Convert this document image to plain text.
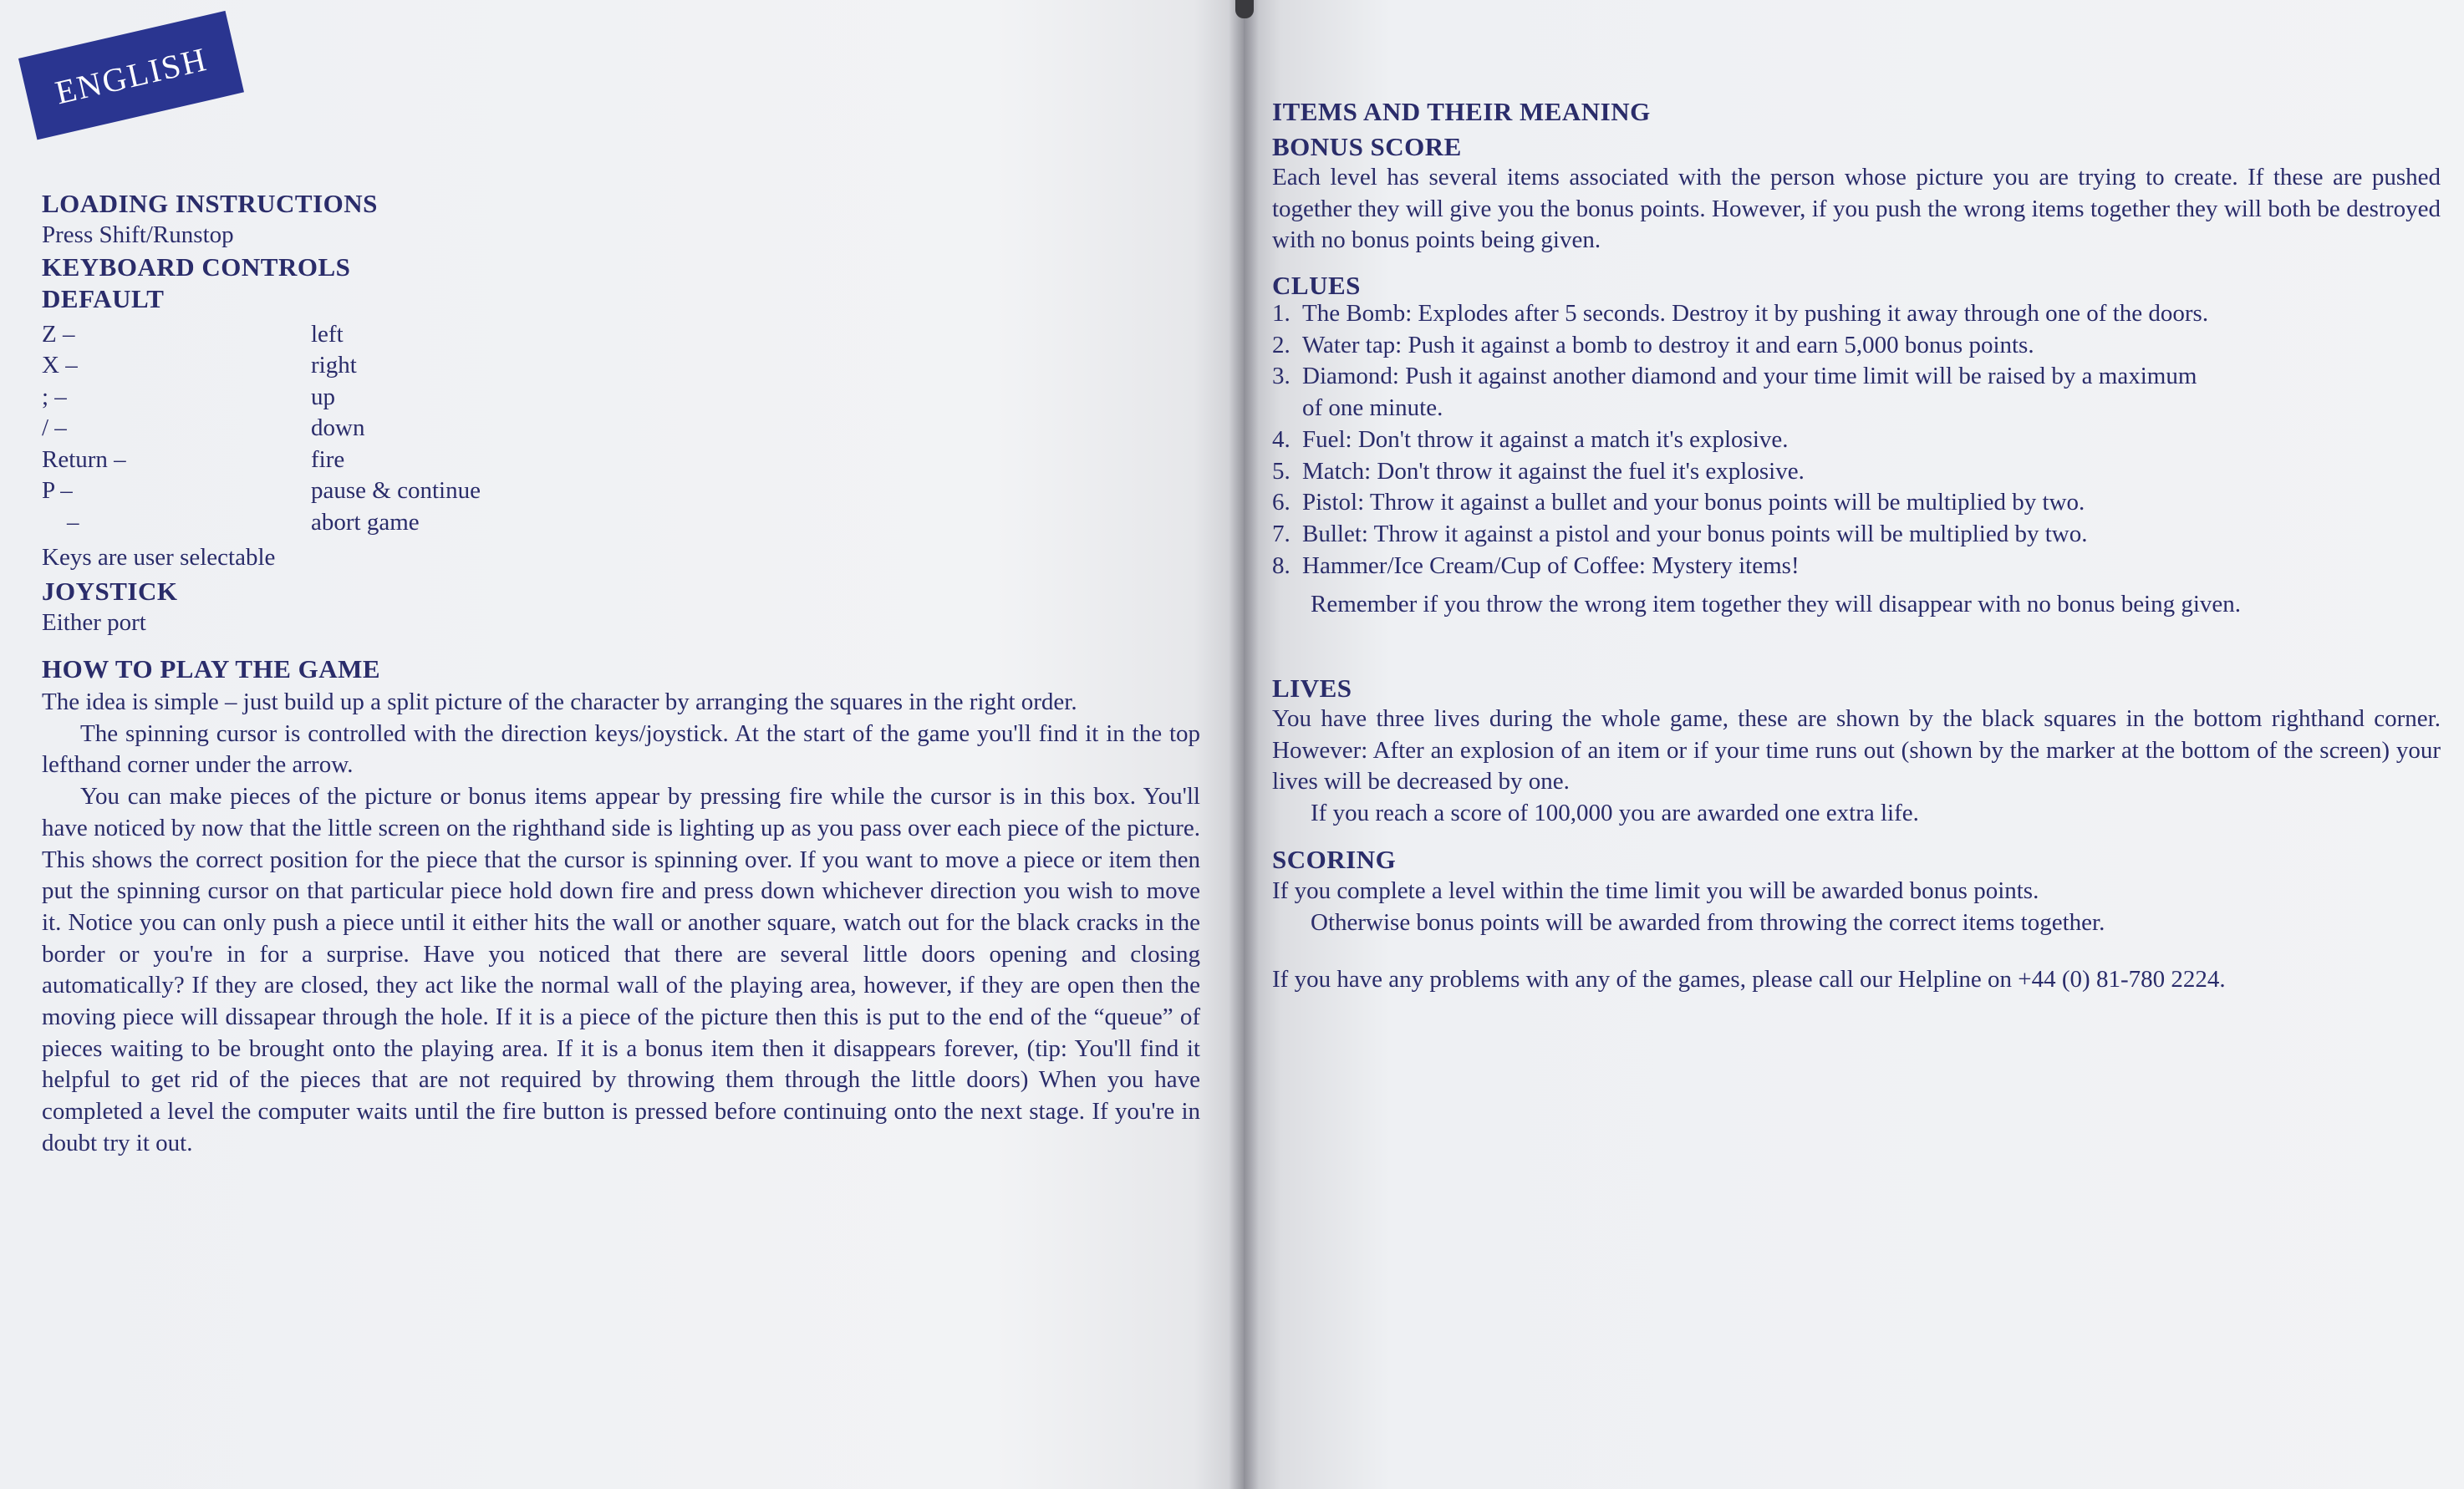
ENGLISH
LOADING INSTRUCTIONS
Press Shift/Runstop
KEYBOARD CONTROLS
DEFAULT
Z –	left
X –	right
; –	up
/ –	down
Return –	fire
P –	pause & continue
–	abort game
Keys are user selectable
JOYSTICK
Either port
HOW TO PLAY THE GAME

The idea is simple – just build up a split picture of the character by arranging the squares in the right order.

The spinning cursor is controlled with the direction keys/joystick. At the start of the game you'll find it in the top lefthand corner under the arrow.

You can make pieces of the picture or bonus items appear by pressing fire while the cursor is in this box. You'll have noticed by now that the little screen on the righthand side is lighting up as you pass over each piece of the picture. This shows the correct position for the piece that the cursor is spinning over. If you want to move a piece or item then put the spinning cursor on that particular piece hold down fire and press down whichever direction you wish to move it. Notice you can only push a piece until it either hits the wall or another square, watch out for the black cracks in the border or you're in for a surprise. Have you noticed that there are several little doors opening and closing automatically? If they are closed, they act like the normal wall of the playing area, however, if they are open then the moving piece will dissapear through the hole. If it is a piece of the picture then this is put to the end of the “queue” of pieces waiting to be brought onto the playing area. If it is a bonus item then it disappears forever, (tip: You'll find it helpful to get rid of the pieces that are not required by throwing them through the little doors) When you have completed a level the computer waits until the fire button is pressed before continuing onto the next stage. If you're in doubt try it out.

ITEMS AND THEIR MEANING
BONUS SCORE
Each level has several items associated with the person whose picture you are trying to create. If these are pushed together they will give you the bonus points. However, if you push the wrong items together they will both be destroyed with no bonus points being given.
CLUES
1. The Bomb: Explodes after 5 seconds. Destroy it by pushing it away through one of the doors.
2. Water tap: Push it against a bomb to destroy it and earn 5,000 bonus points.
3. Diamond: Push it against another diamond and your time limit will be raised by a maximum
of one minute.
4. Fuel: Don't throw it against a match it's explosive.
5. Match: Don't throw it against the fuel it's explosive.
6. Pistol: Throw it against a bullet and your bonus points will be multiplied by two.
7. Bullet: Throw it against a pistol and your bonus points will be multiplied by two.
8. Hammer/Ice Cream/Cup of Coffee: Mystery items!
Remember if you throw the wrong item together they will disappear with no bonus being given.
LIVES
You have three lives during the whole game, these are shown by the black squares in the bottom righthand corner. However: After an explosion of an item or if your time runs out (shown by the marker at the bottom of the screen) your lives will be decreased by one.
If you reach a score of 100,000 you are awarded one extra life.
SCORING
If you complete a level within the time limit you will be awarded bonus points.
Otherwise bonus points will be awarded from throwing the correct items together.
If you have any problems with any of the games, please call our Helpline on +44 (0) 81-780 2224.
